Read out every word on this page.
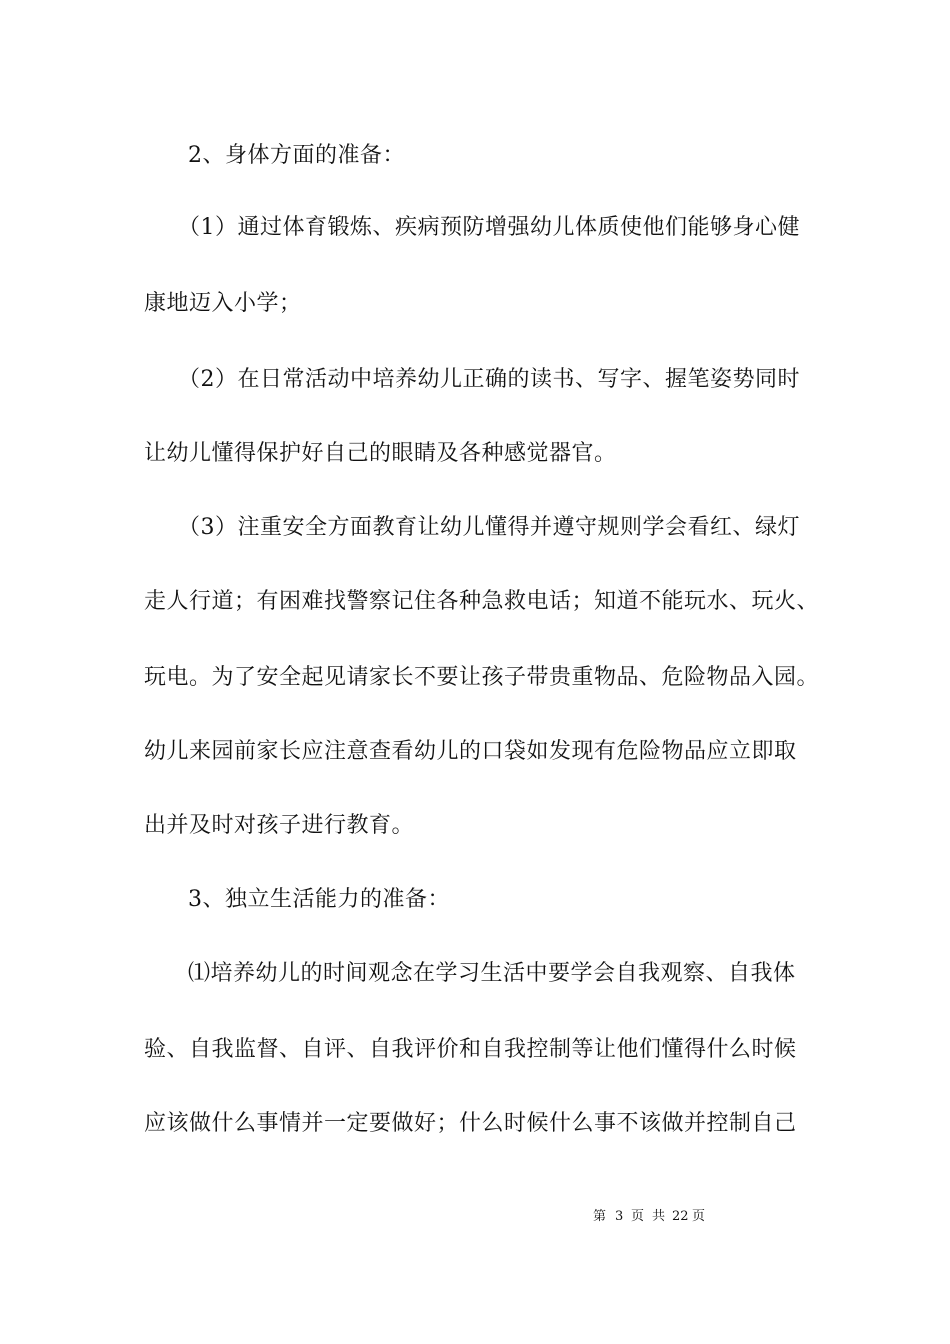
2、身体方面的准备：
（1）通过体育锻炼、疾病预防增强幼儿体质使他们能够身心健
康地迈入小学；
（2）在日常活动中培养幼儿正确的读书、写字、握笔姿势同时
让幼儿懂得保护好自己的眼睛及各种感觉器官。
（3）注重安全方面教育让幼儿懂得并遵守规则学会看红、绿灯
走人行道；有困难找警察记住各种急救电话；知道不能玩水、玩火、
玩电。为了安全起见请家长不要让孩子带贵重物品、危险物品入园。
幼儿来园前家长应注意查看幼儿的口袋如发现有危险物品应立即取
出并及时对孩子进行教育。
3、独立生活能力的准备：
⑴培养幼儿的时间观念在学习生活中要学会自我观察、自我体
验、自我监督、自评、自我评价和自我控制等让他们懂得什么时候
应该做什么事情并一定要做好；什么时候什么事不该做并控制自己
第 3 页 共 22 页
